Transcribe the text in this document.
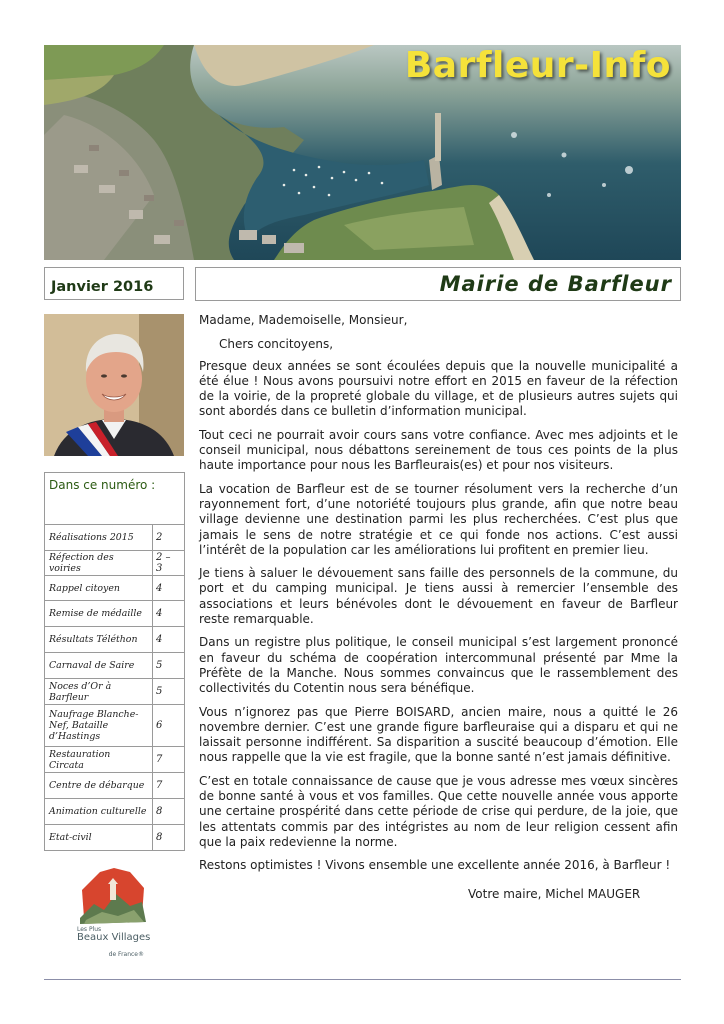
Barfleur-Info
Janvier 2016	Mairie de Barfleur
Dans ce numéro :
Réalisations 2015	2
Réfection des voiries	2 – 3
Rappel citoyen	4
Remise de médaille	4
Résultats Téléthon	4
Carnaval de Saire	5
Noces d’Or à Barfleur	5
Naufrage Blanche-Nef, Bataille d’Hastings	6
Restauration Circata	7
Centre de débarque	7
Animation culturelle	8
Etat-civil	8
Les Plus
Beaux Villages
de France®

Madame, Mademoiselle, Monsieur,

Chers concitoyens,

Presque deux années se sont écoulées depuis que la nouvelle municipalité a été élue ! Nous avons poursuivi notre effort en 2015 en faveur de la réfection de la voirie, de la propreté globale du village, et de plusieurs autres sujets qui sont abordés dans ce bulletin d’information municipal.

Tout ceci ne pourrait avoir cours sans votre confiance. Avec mes adjoints et le conseil municipal, nous débattons sereinement de tous ces points de la plus haute importance pour nous les Barfleurais(es) et pour nos visiteurs.

La vocation de Barfleur est de se tourner résolument vers la recherche d’un rayonnement fort, d’une notoriété toujours plus grande, afin que notre beau village devienne une destination parmi les plus recherchées. C’est plus que jamais le sens de notre stratégie et ce qui fonde nos actions. C’est aussi l’intérêt de la population car les améliorations lui profitent en premier lieu.

Je tiens à saluer le dévouement sans faille des personnels de la commune, du port et du camping municipal. Je tiens aussi à remercier l’ensemble des associations et leurs bénévoles dont le dévouement en faveur de Barfleur reste remarquable.

Dans un registre plus politique, le conseil municipal s’est largement prononcé en faveur du schéma de coopération intercommunal présenté par Mme la Préfète de la Manche. Nous sommes convaincus que le rassemblement des collectivités du Cotentin nous sera bénéfique.

Vous n’ignorez pas que Pierre BOISARD, ancien maire, nous a quitté le 26 novembre dernier. C’est une grande figure barfleuraise qui a disparu et qui ne laissait personne indifférent. Sa disparition a suscité beaucoup d’émotion. Elle nous rappelle que la vie est fragile, que la bonne santé n’est jamais définitive.

C’est en totale connaissance de cause que je vous adresse mes vœux sincères de bonne santé à vous et vos familles. Que cette nouvelle année vous apporte une certaine prospérité dans cette période de crise qui perdure, de la joie, que les attentats commis par des intégristes au nom de leur religion cessent afin que la paix redevienne la norme.

Restons optimistes ! Vivons ensemble une excellente année 2016, à Barfleur !

Votre maire, Michel MAUGER
